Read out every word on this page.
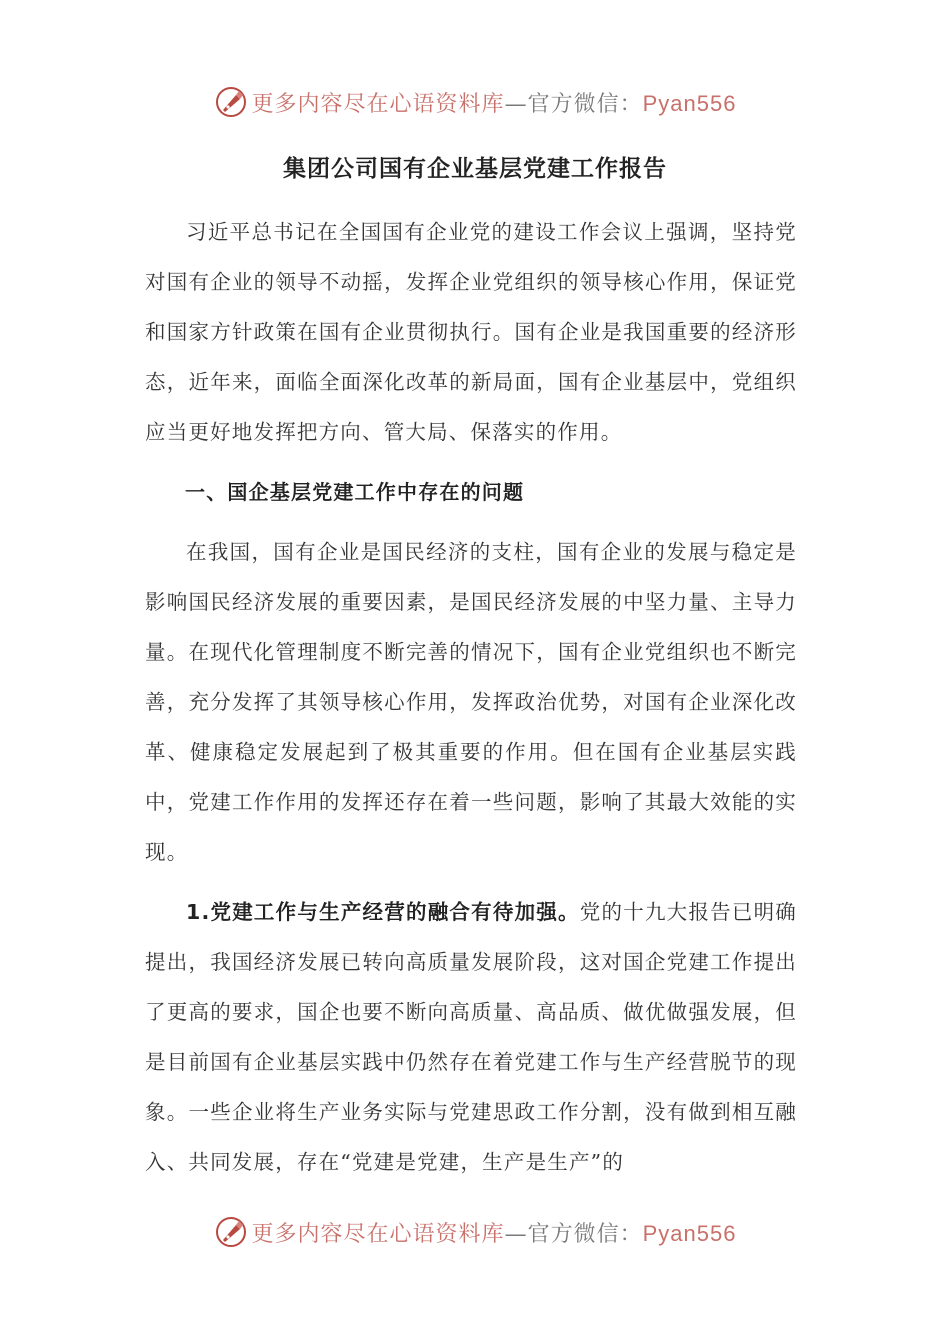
更多内容尽在心语资料库—官方微信：Pyan556
集团公司国有企业基层党建工作报告

习近平总书记在全国国有企业党的建设工作会议上强调，坚持党对国有企业的领导不动摇，发挥企业党组织的领导核心作用，保证党和国家方针政策在国有企业贯彻执行。国有企业是我国重要的经济形态，近年来，面临全面深化改革的新局面，国有企业基层中，党组织应当更好地发挥把方向、管大局、保落实的作用。

一、国企基层党建工作中存在的问题

在我国，国有企业是国民经济的支柱，国有企业的发展与稳定是影响国民经济发展的重要因素，是国民经济发展的中坚力量、主导力量。在现代化管理制度不断完善的情况下，国有企业党组织也不断完善，充分发挥了其领导核心作用，发挥政治优势，对国有企业深化改革、健康稳定发展起到了极其重要的作用。但在国有企业基层实践中，党建工作作用的发挥还存在着一些问题，影响了其最大效能的实现。

1.党建工作与生产经营的融合有待加强。党的十九大报告已明确提出，我国经济发展已转向高质量发展阶段，这对国企党建工作提出了更高的要求，国企也要不断向高质量、高品质、做优做强发展，但是目前国有企业基层实践中仍然存在着党建工作与生产经营脱节的现象。一些企业将生产业务实际与党建思政工作分割，没有做到相互融入、共同发展，存在“党建是党建，生产是生产”的

更多内容尽在心语资料库—官方微信：Pyan556
